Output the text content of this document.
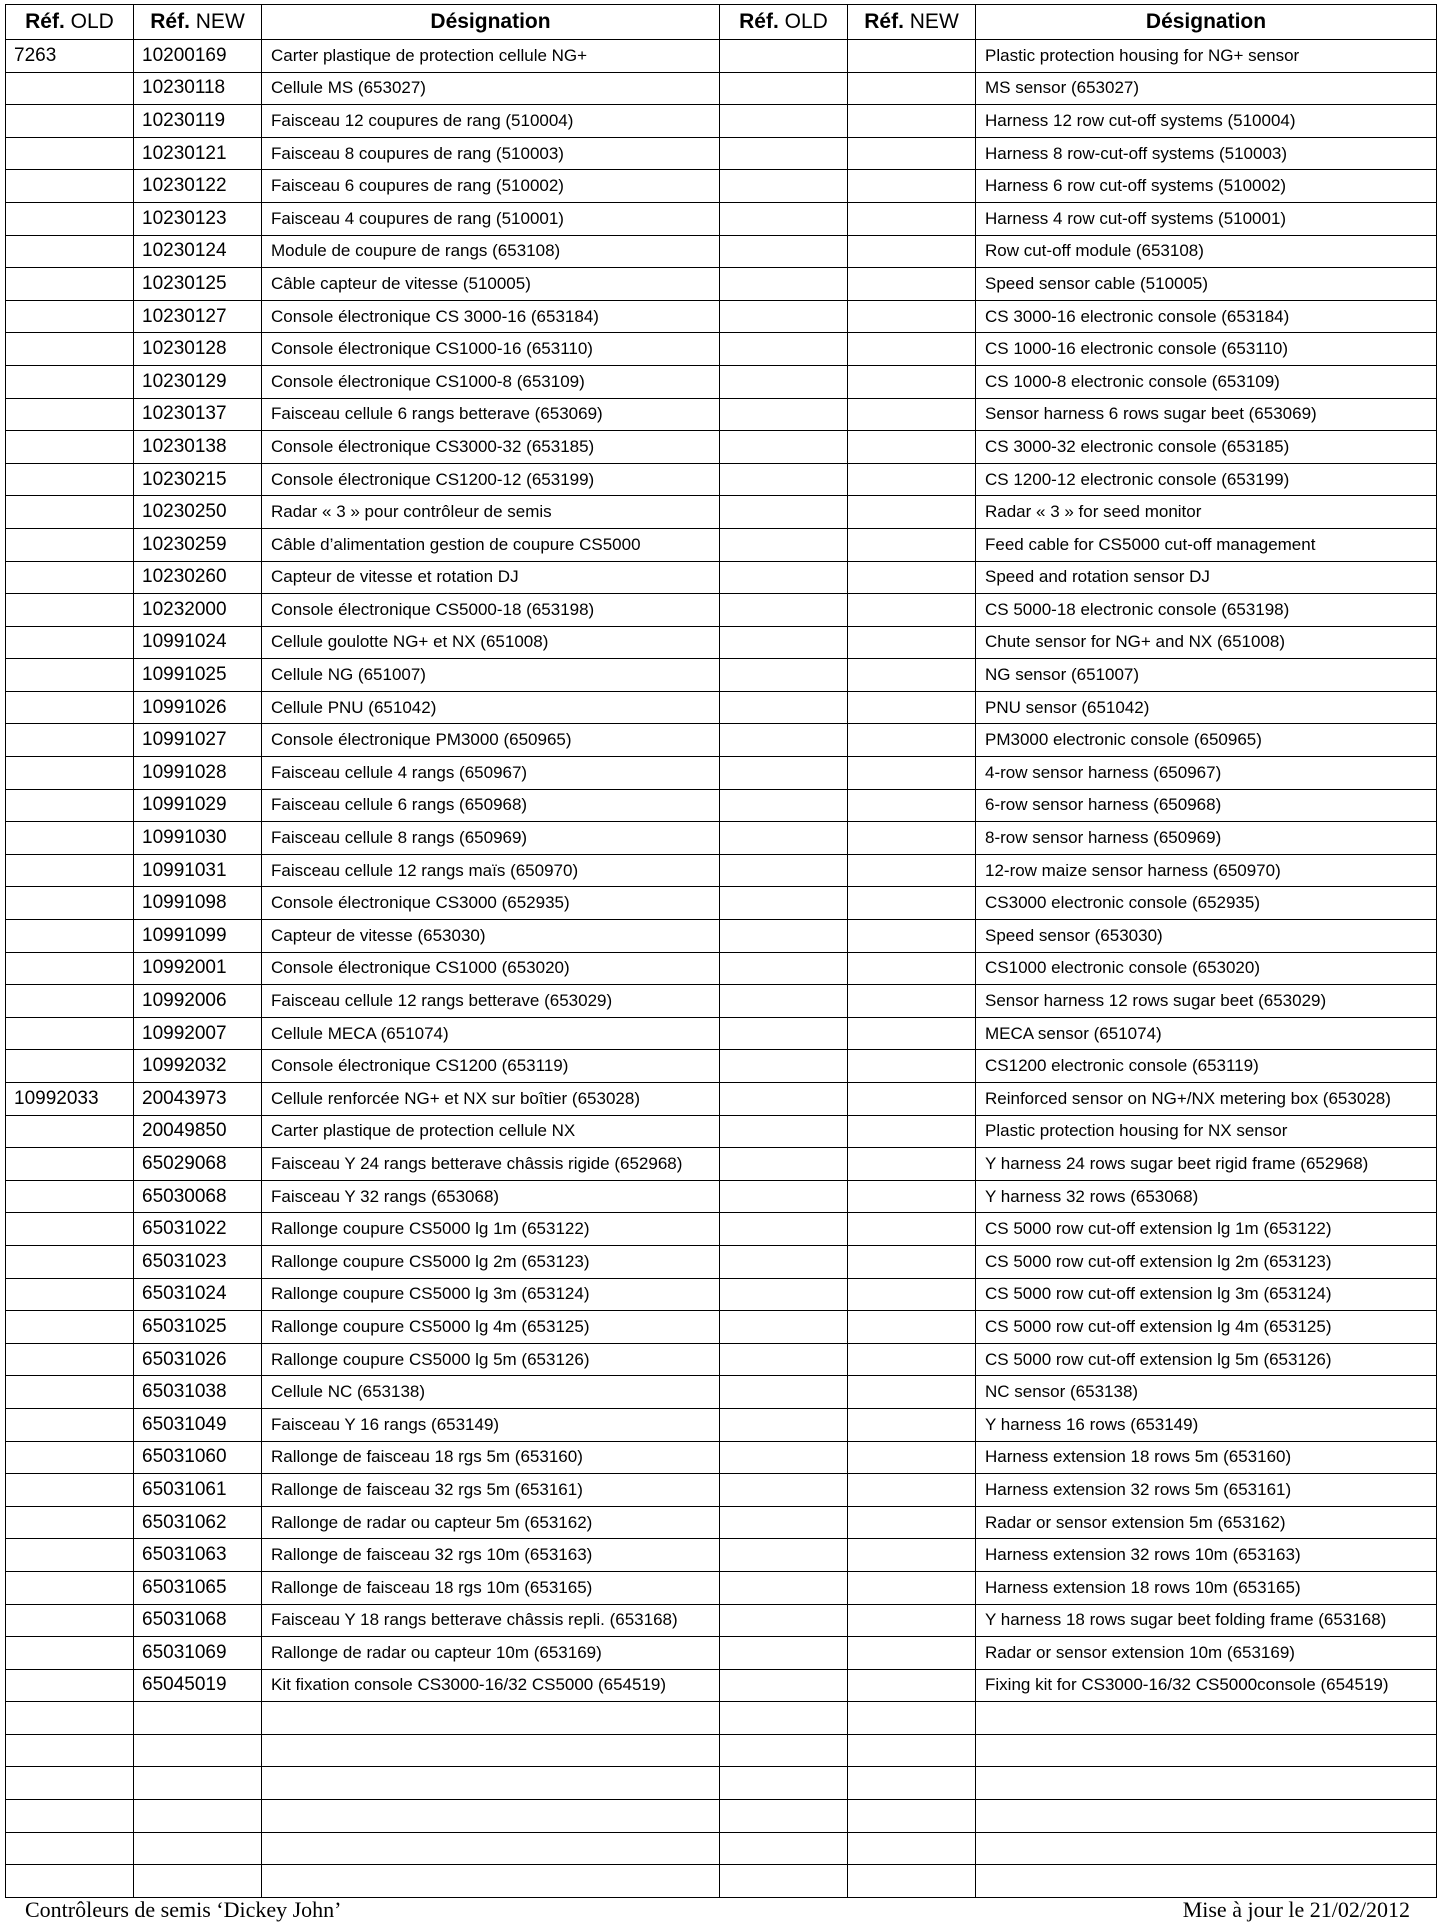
Réf. OLD	Réf. NEW	Désignation	Réf. OLD	Réf. NEW	Désignation
7263	10200169	Carter plastique de protection cellule NG+			Plastic protection housing for NG+ sensor
	10230118	Cellule MS (653027)			MS sensor (653027)
	10230119	Faisceau 12 coupures de rang (510004)			Harness 12 row cut-off systems (510004)
	10230121	Faisceau 8 coupures de rang (510003)			Harness 8 row-cut-off systems (510003)
	10230122	Faisceau 6 coupures de rang (510002)			Harness 6 row cut-off systems (510002)
	10230123	Faisceau 4 coupures de rang (510001)			Harness 4 row cut-off systems (510001)
	10230124	Module de coupure de rangs (653108)			Row cut-off module (653108)
	10230125	Câble capteur de vitesse (510005)			Speed sensor cable (510005)
	10230127	Console électronique CS 3000-16 (653184)			CS 3000-16 electronic console (653184)
	10230128	Console électronique CS1000-16 (653110)			CS 1000-16 electronic console (653110)
	10230129	Console électronique CS1000-8 (653109)			CS 1000-8 electronic console (653109)
	10230137	Faisceau cellule 6 rangs betterave (653069)			Sensor harness 6 rows sugar beet (653069)
	10230138	Console électronique CS3000-32 (653185)			CS 3000-32 electronic console (653185)
	10230215	Console électronique CS1200-12 (653199)			CS 1200-12 electronic console (653199)
	10230250	Radar « 3 » pour contrôleur de semis			Radar « 3 » for seed monitor
	10230259	Câble d’alimentation gestion de coupure CS5000			Feed cable for CS5000 cut-off management
	10230260	Capteur de vitesse et rotation DJ			Speed and rotation sensor DJ
	10232000	Console électronique CS5000-18 (653198)			CS 5000-18 electronic console (653198)
	10991024	Cellule goulotte NG+ et NX (651008)			Chute sensor for NG+ and NX (651008)
	10991025	Cellule NG (651007)			NG sensor (651007)
	10991026	Cellule PNU (651042)			PNU sensor (651042)
	10991027	Console électronique PM3000 (650965)			PM3000 electronic console (650965)
	10991028	Faisceau cellule 4 rangs (650967)			4-row sensor harness (650967)
	10991029	Faisceau cellule 6 rangs (650968)			6-row sensor harness (650968)
	10991030	Faisceau cellule 8 rangs (650969)			8-row sensor harness (650969)
	10991031	Faisceau cellule 12 rangs maïs (650970)			12-row maize sensor harness (650970)
	10991098	Console électronique CS3000 (652935)			CS3000 electronic console (652935)
	10991099	Capteur de vitesse (653030)			Speed sensor (653030)
	10992001	Console électronique CS1000 (653020)			CS1000 electronic console (653020)
	10992006	Faisceau cellule 12 rangs betterave (653029)			Sensor harness 12 rows sugar beet (653029)
	10992007	Cellule MECA (651074)			MECA sensor (651074)
	10992032	Console électronique CS1200 (653119)			CS1200 electronic console (653119)
10992033	20043973	Cellule renforcée NG+ et NX sur boîtier (653028)			Reinforced sensor on NG+/NX metering box (653028)
	20049850	Carter plastique de protection cellule NX			Plastic protection housing for NX sensor
	65029068	Faisceau Y 24 rangs betterave châssis rigide (652968)			Y harness 24 rows sugar beet rigid frame (652968)
	65030068	Faisceau Y 32 rangs (653068)			Y harness 32 rows (653068)
	65031022	Rallonge coupure CS5000 lg 1m (653122)			CS 5000 row cut-off extension lg 1m (653122)
	65031023	Rallonge coupure CS5000 lg 2m (653123)			CS 5000 row cut-off extension lg 2m (653123)
	65031024	Rallonge coupure CS5000 lg 3m (653124)			CS 5000 row cut-off extension lg 3m (653124)
	65031025	Rallonge coupure CS5000 lg 4m (653125)			CS 5000 row cut-off extension lg 4m (653125)
	65031026	Rallonge coupure CS5000 lg 5m (653126)			CS 5000 row cut-off extension lg 5m (653126)
	65031038	Cellule NC (653138)			NC sensor (653138)
	65031049	Faisceau Y 16 rangs (653149)			Y harness 16 rows (653149)
	65031060	Rallonge de faisceau 18 rgs 5m (653160)			Harness extension 18 rows 5m (653160)
	65031061	Rallonge de faisceau 32 rgs 5m (653161)			Harness extension 32 rows 5m (653161)
	65031062	Rallonge de radar ou capteur 5m (653162)			Radar or sensor extension 5m (653162)
	65031063	Rallonge de faisceau 32 rgs 10m (653163)			Harness extension 32 rows 10m (653163)
	65031065	Rallonge de faisceau 18 rgs 10m (653165)			Harness extension 18 rows 10m (653165)
	65031068	Faisceau Y 18 rangs betterave châssis repli. (653168)			Y harness 18 rows sugar beet folding frame (653168)
	65031069	Rallonge de radar ou capteur 10m (653169)			Radar or sensor extension 10m (653169)
	65045019	Kit fixation console CS3000-16/32 CS5000 (654519)			Fixing kit for CS3000-16/32 CS5000console (654519)

Contrôleurs de semis ‘Dickey John’	Mise à jour le 21/02/2012
